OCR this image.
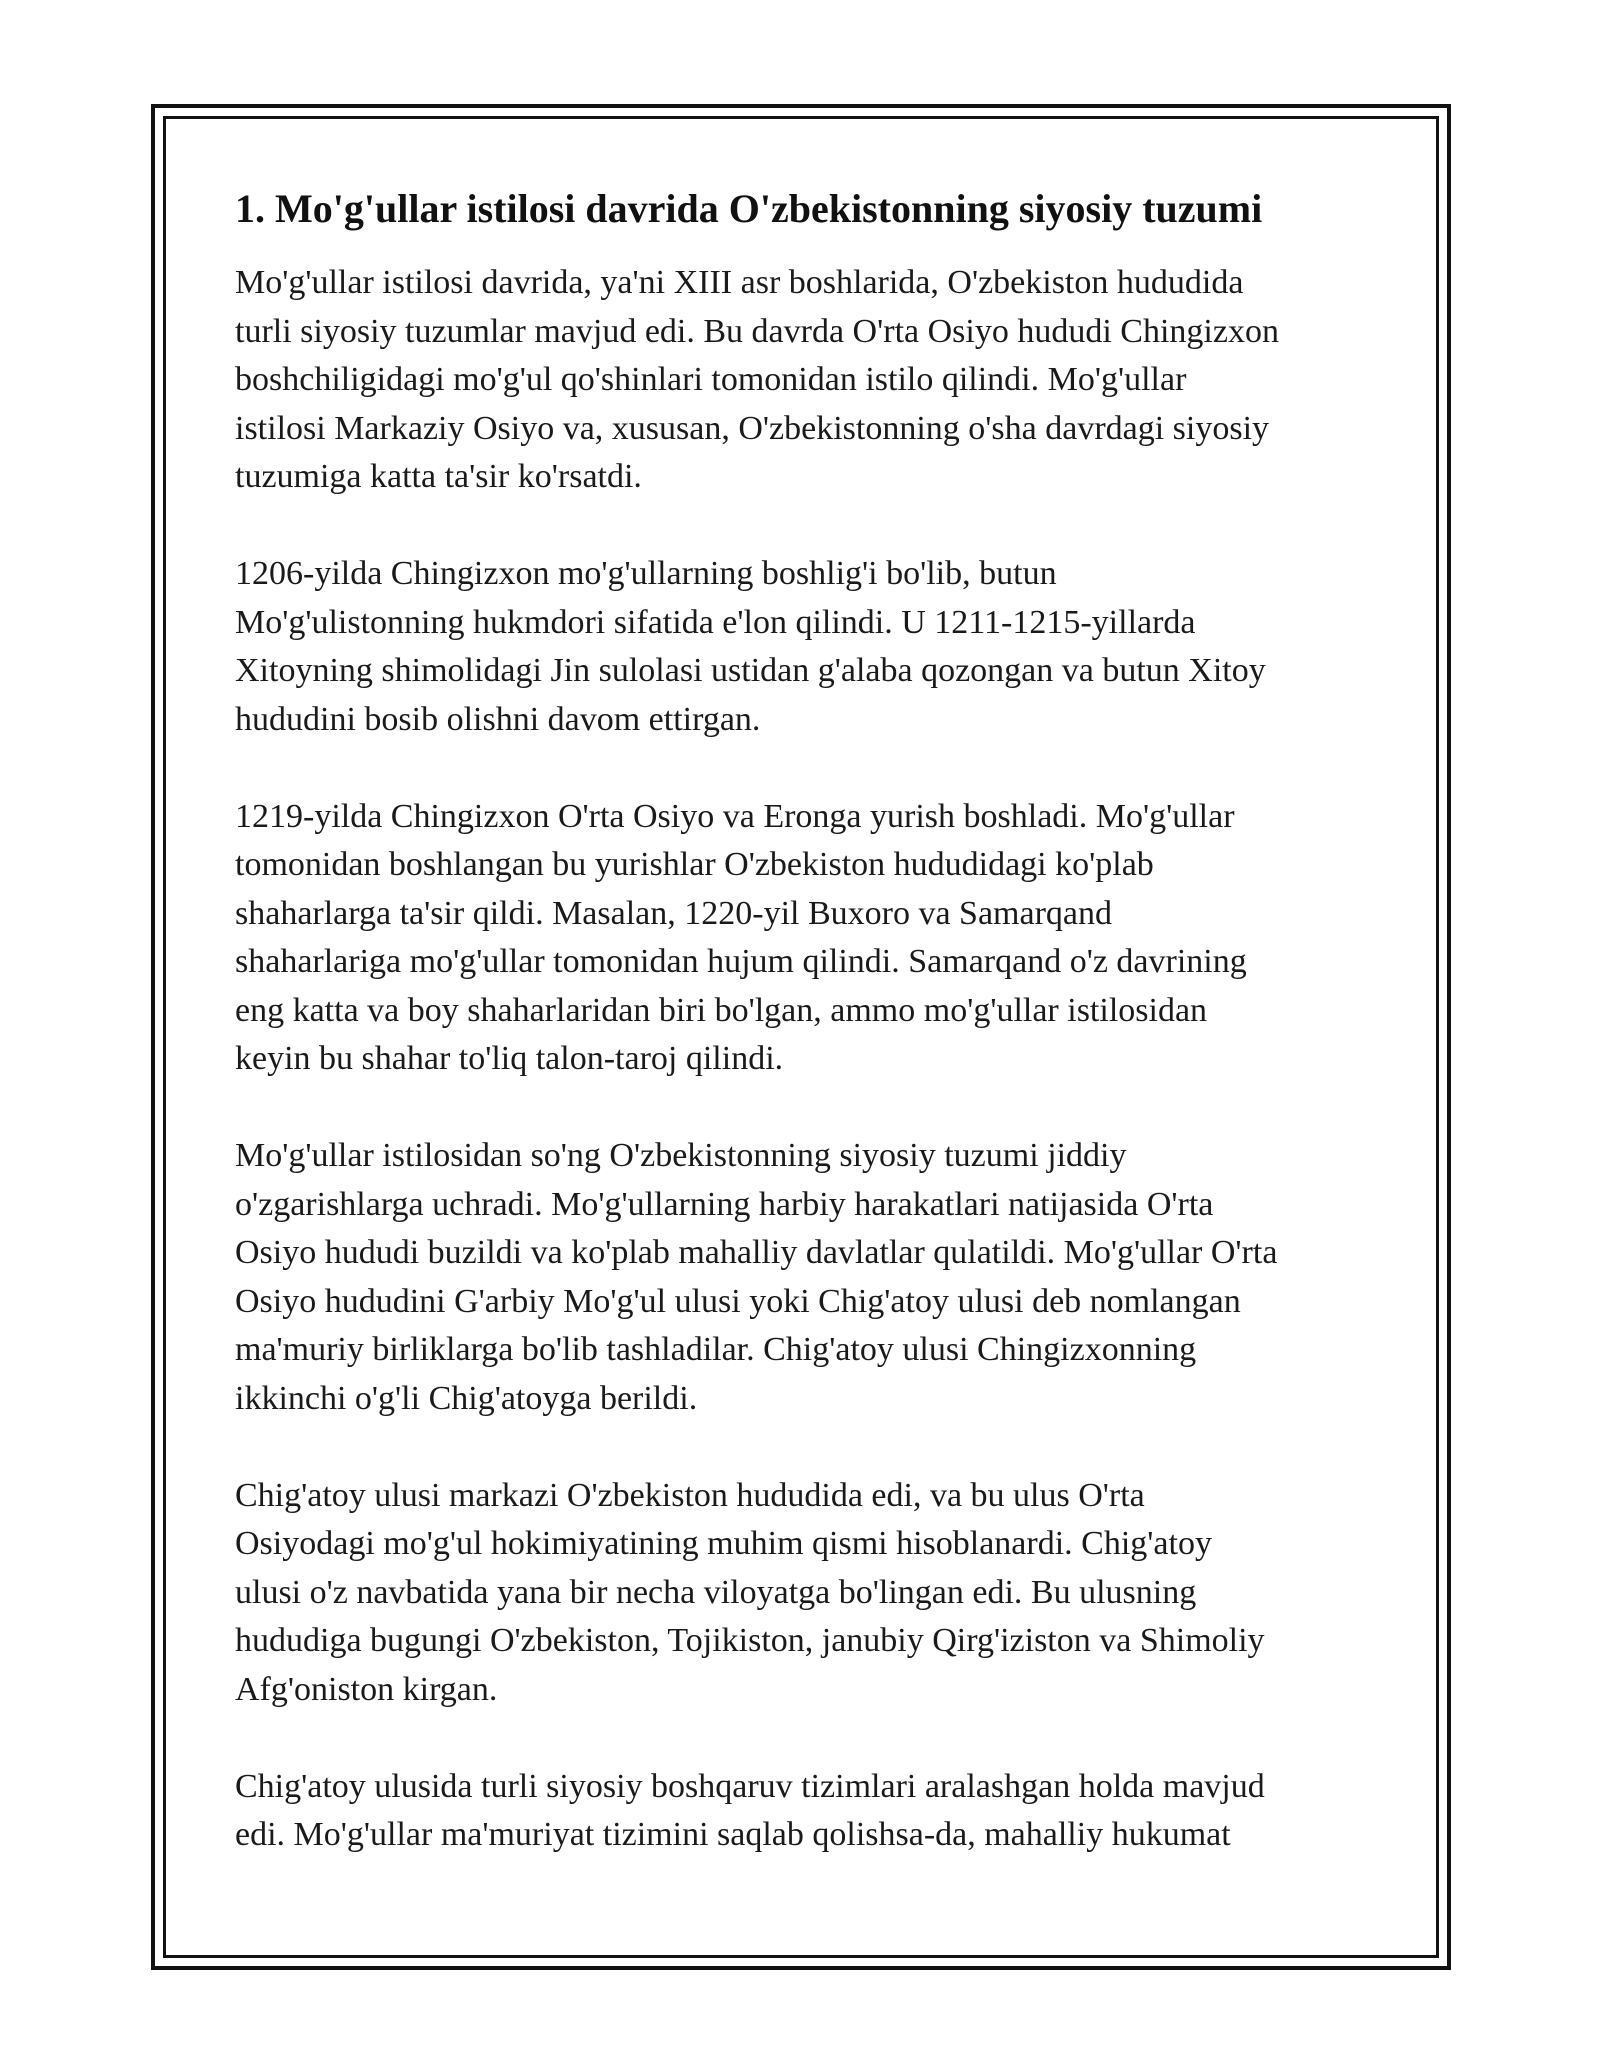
1. Mo'g'ullar istilosi davrida O'zbekistonning siyosiy tuzumi
Mo'g'ullar istilosi davrida, ya'ni XIII asr boshlarida, O'zbekiston hududida
turli siyosiy tuzumlar mavjud edi. Bu davrda O'rta Osiyo hududi Chingizxon
boshchiligidagi mo'g'ul qo'shinlari tomonidan istilo qilindi. Mo'g'ullar
istilosi Markaziy Osiyo va, xususan, O'zbekistonning o'sha davrdagi siyosiy
tuzumiga katta ta'sir ko'rsatdi.
1206-yilda Chingizxon mo'g'ullarning boshlig'i bo'lib, butun
Mo'g'ulistonning hukmdori sifatida e'lon qilindi. U 1211-1215-yillarda
Xitoyning shimolidagi Jin sulolasi ustidan g'alaba qozongan va butun Xitoy
hududini bosib olishni davom ettirgan.
1219-yilda Chingizxon O'rta Osiyo va Eronga yurish boshladi. Mo'g'ullar
tomonidan boshlangan bu yurishlar O'zbekiston hududidagi ko'plab
shaharlarga ta'sir qildi. Masalan, 1220-yil Buxoro va Samarqand
shaharlariga mo'g'ullar tomonidan hujum qilindi. Samarqand o'z davrining
eng katta va boy shaharlaridan biri bo'lgan, ammo mo'g'ullar istilosidan
keyin bu shahar to'liq talon-taroj qilindi.
Mo'g'ullar istilosidan so'ng O'zbekistonning siyosiy tuzumi jiddiy
o'zgarishlarga uchradi. Mo'g'ullarning harbiy harakatlari natijasida O'rta
Osiyo hududi buzildi va ko'plab mahalliy davlatlar qulatildi. Mo'g'ullar O'rta
Osiyo hududini G'arbiy Mo'g'ul ulusi yoki Chig'atoy ulusi deb nomlangan
ma'muriy birliklarga bo'lib tashladilar. Chig'atoy ulusi Chingizxonning
ikkinchi o'g'li Chig'atoyga berildi.
Chig'atoy ulusi markazi O'zbekiston hududida edi, va bu ulus O'rta
Osiyodagi mo'g'ul hokimiyatining muhim qismi hisoblanardi. Chig'atoy
ulusi o'z navbatida yana bir necha viloyatga bo'lingan edi. Bu ulusning
hududiga bugungi O'zbekiston, Tojikiston, janubiy Qirg'iziston va Shimoliy
Afg'oniston kirgan.
Chig'atoy ulusida turli siyosiy boshqaruv tizimlari aralashgan holda mavjud
edi. Mo'g'ullar ma'muriyat tizimini saqlab qolishsa-da, mahalliy hukumat
